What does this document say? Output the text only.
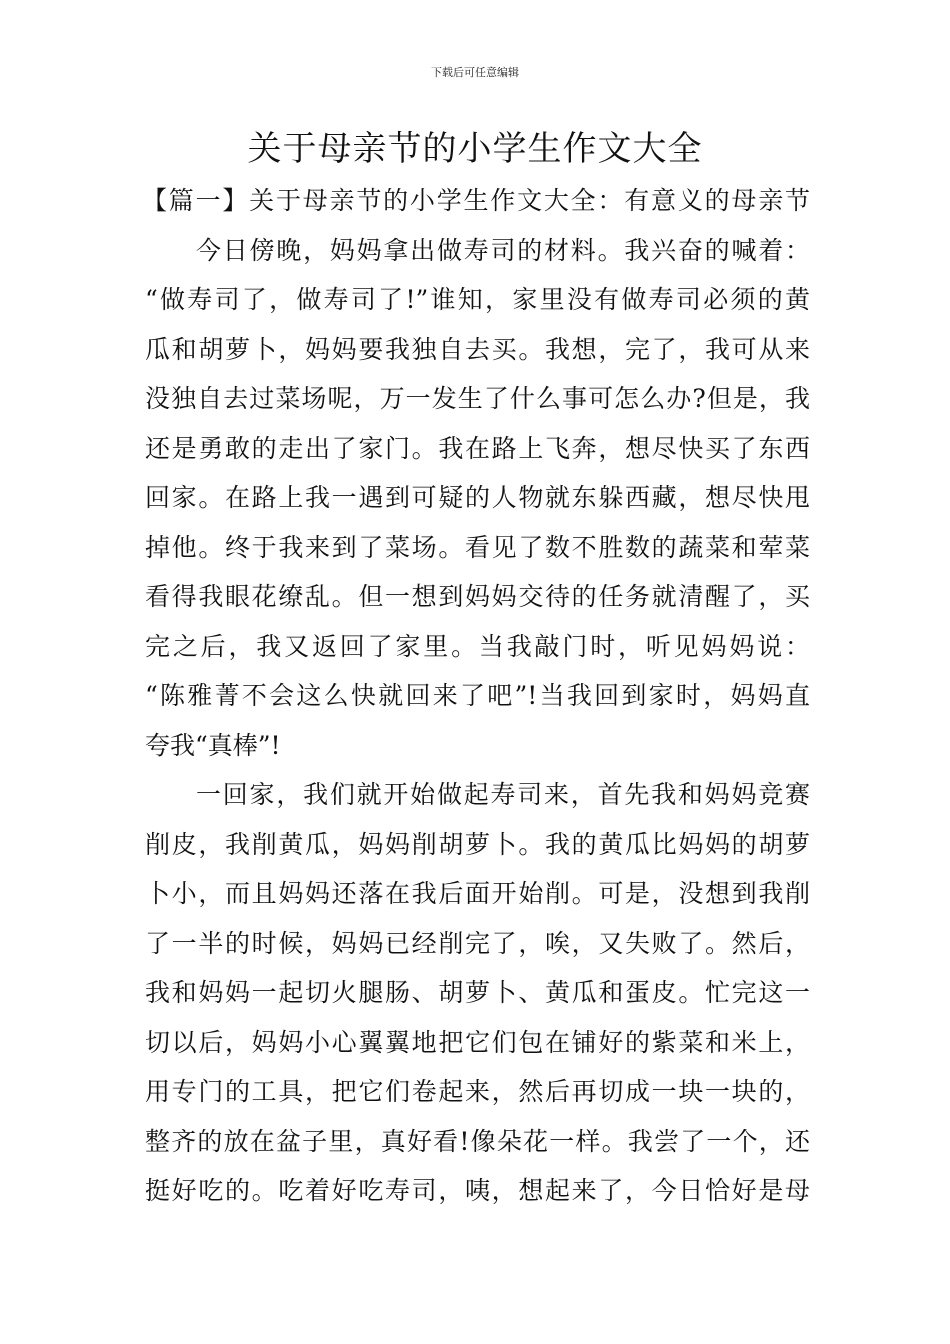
下载后可任意编辑
关于母亲节的小学生作文大全
【篇一】关于母亲节的小学生作文大全：有意义的母亲节
今日傍晚，妈妈拿出做寿司的材料。我兴奋的喊着：
“做寿司了，做寿司了!”谁知，家里没有做寿司必须的黄
瓜和胡萝卜，妈妈要我独自去买。我想，完了，我可从来
没独自去过菜场呢，万一发生了什么事可怎么办?但是，我
还是勇敢的走出了家门。我在路上飞奔，想尽快买了东西
回家。在路上我一遇到可疑的人物就东躲西藏，想尽快甩
掉他。终于我来到了菜场。看见了数不胜数的蔬菜和荤菜
看得我眼花缭乱。但一想到妈妈交待的任务就清醒了，买
完之后，我又返回了家里。当我敲门时，听见妈妈说：
“陈雅菁不会这么快就回来了吧”!当我回到家时，妈妈直
夸我“真棒”!
一回家，我们就开始做起寿司来，首先我和妈妈竞赛
削皮，我削黄瓜，妈妈削胡萝卜。我的黄瓜比妈妈的胡萝
卜小，而且妈妈还落在我后面开始削。可是，没想到我削
了一半的时候，妈妈已经削完了，唉，又失败了。然后，
我和妈妈一起切火腿肠、胡萝卜、黄瓜和蛋皮。忙完这一
切以后，妈妈小心翼翼地把它们包在铺好的紫菜和米上，
用专门的工具，把它们卷起来，然后再切成一块一块的，
整齐的放在盆子里，真好看!像朵花一样。我尝了一个，还
挺好吃的。吃着好吃寿司，咦，想起来了，今日恰好是母
